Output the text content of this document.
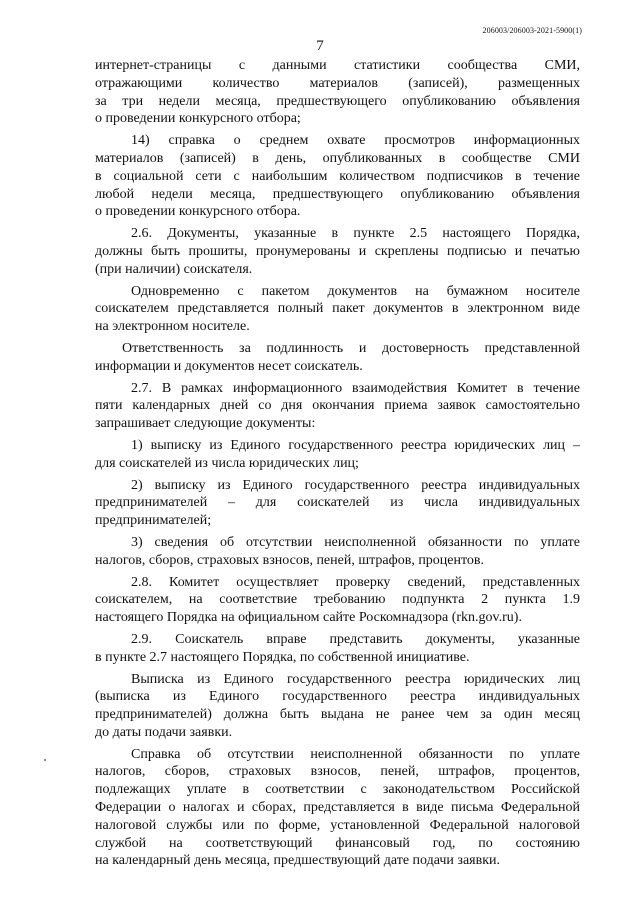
206003/206003-2021-5900(1)
7
интернет-страницы с данными статистики сообщества СМИ,
отражающими количество материалов (записей), размещенных
за три недели месяца, предшествующего опубликованию объявления
о проведении конкурсного отбора;
14) справка о среднем охвате просмотров информационных
материалов (записей) в день, опубликованных в сообществе СМИ
в социальной сети с наибольшим количеством подписчиков в течение
любой недели месяца, предшествующего опубликованию объявления
о проведении конкурсного отбора.
2.6. Документы, указанные в пункте 2.5 настоящего Порядка,
должны быть прошиты, пронумерованы и скреплены подписью и печатью
(при наличии) соискателя.
Одновременно с пакетом документов на бумажном носителе
соискателем представляется полный пакет документов в электронном виде
на электронном носителе.
Ответственность за подлинность и достоверность представленной
информации и документов несет соискатель.
2.7. В рамках информационного взаимодействия Комитет в течение
пяти календарных дней со дня окончания приема заявок самостоятельно
запрашивает следующие документы:
1) выписку из Единого государственного реестра юридических лиц –
для соискателей из числа юридических лиц;
2) выписку из Единого государственного реестра индивидуальных
предпринимателей – для соискателей из числа индивидуальных
предпринимателей;
3) сведения об отсутствии неисполненной обязанности по уплате
налогов, сборов, страховых взносов, пеней, штрафов, процентов.
2.8. Комитет осуществляет проверку сведений, представленных
соискателем, на соответствие требованию подпункта 2 пункта 1.9
настоящего Порядка на официальном сайте Роскомнадзора (rkn.gov.ru).
2.9. Соискатель вправе представить документы, указанные
в пункте 2.7 настоящего Порядка, по собственной инициативе.
Выписка из Единого государственного реестра юридических лиц
(выписка из Единого государственного реестра индивидуальных
предпринимателей) должна быть выдана не ранее чем за один месяц
до даты подачи заявки.
Справка об отсутствии неисполненной обязанности по уплате
налогов, сборов, страховых взносов, пеней, штрафов, процентов,
подлежащих уплате в соответствии с законодательством Российской
Федерации о налогах и сборах, представляется в виде письма Федеральной
налоговой службы или по форме, установленной Федеральной налоговой
службой на соответствующий финансовый год, по состоянию
на календарный день месяца, предшествующий дате подачи заявки.
